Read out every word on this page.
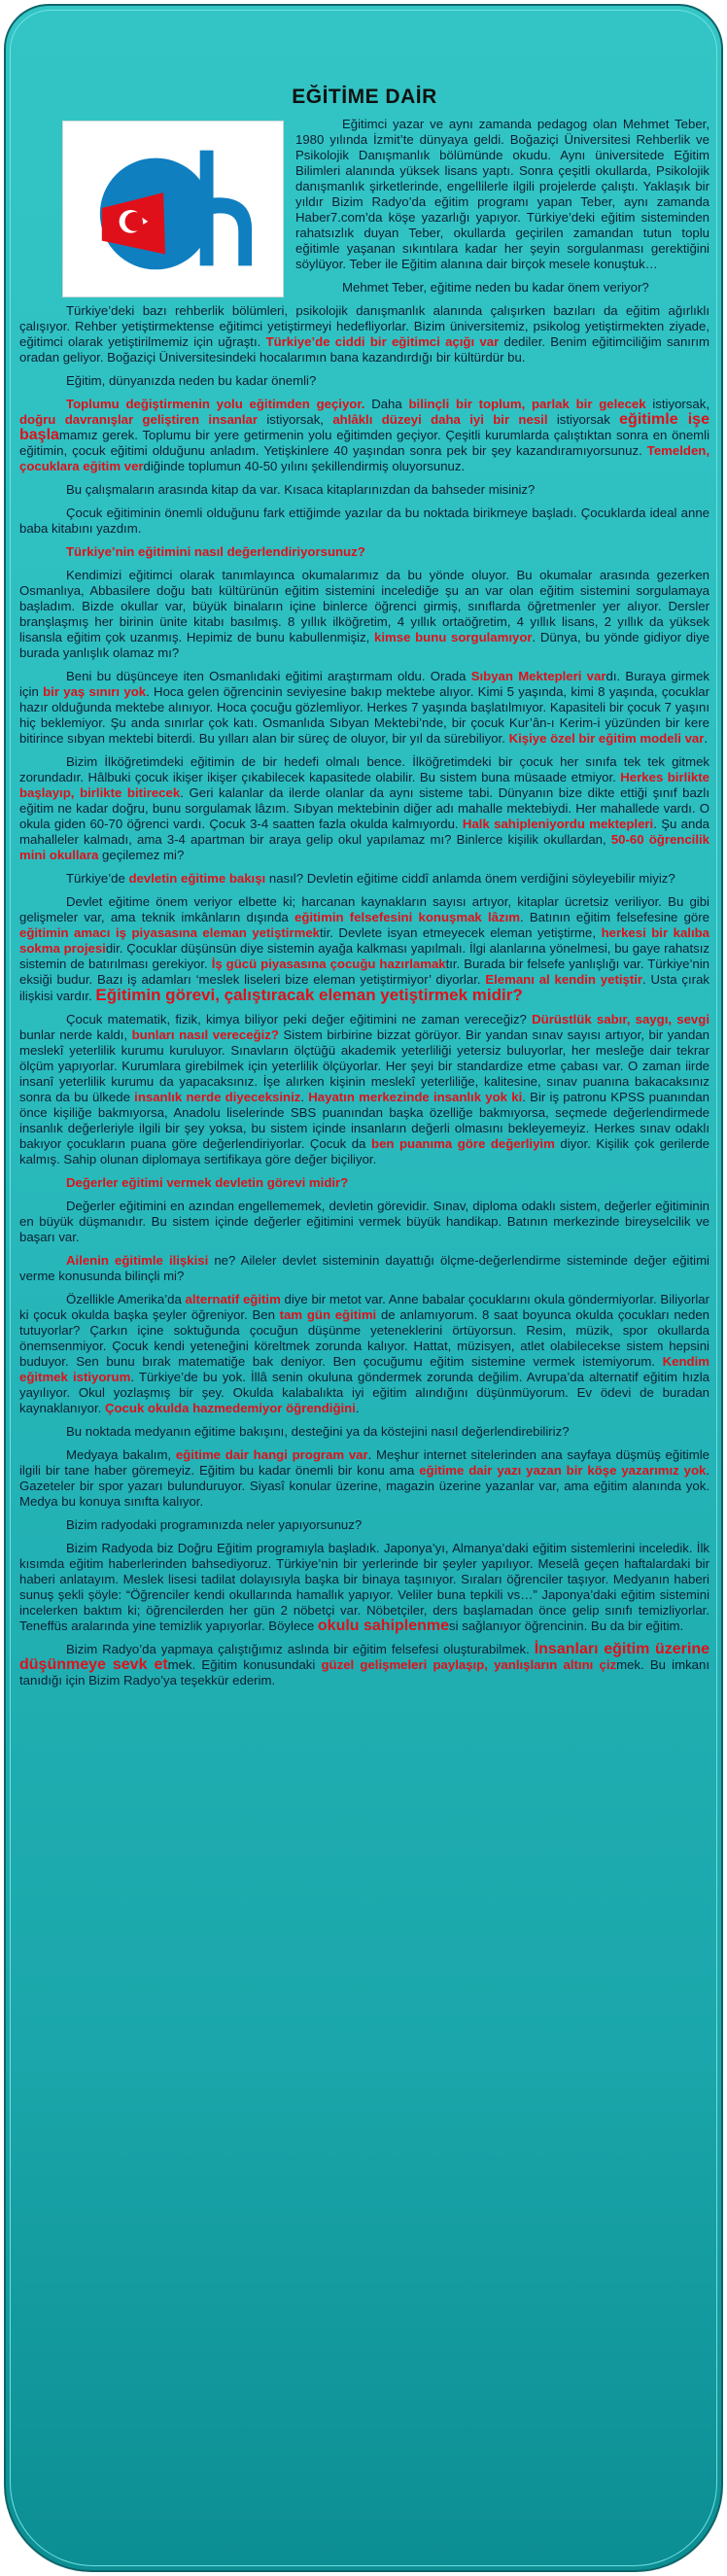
EĞİTİME DAİR

Eğitimci yazar ve aynı zamanda pedagog olan Mehmet Teber, 1980 yılında İzmit’te dünyaya geldi. Boğaziçi Üniversitesi Rehberlik ve Psikolojik Danışmanlık bölümünde okudu. Aynı üniversitede Eğitim Bilimleri alanında yüksek lisans yaptı. Sonra çeşitli okullarda, Psikolojik danışmanlık şirketlerinde, engellilerle ilgili projelerde çalıştı. Yaklaşık bir yıldır Bizim Radyo’da eğitim programı yapan Teber, aynı zamanda Haber7.com’da köşe yazarlığı yapıyor. Türkiye’deki eğitim sisteminden rahatsızlık duyan Teber, okullarda geçirilen zamandan tutun toplu eğitimle yaşanan sıkıntılara kadar her şeyin sorgulanması gerektiğini söylüyor. Teber ile Eğitim alanına dair birçok mesele konuştuk…

Mehmet Teber, eğitime neden bu kadar önem veriyor?

Türkiye’deki bazı rehberlik bölümleri, psikolojik danışmanlık alanında çalışırken bazıları da eğitim ağırlıklı çalışıyor. Rehber yetiştirmektense eğitimci yetiştirmeyi hedefliyorlar. Bizim üniversitemiz, psikolog yetiştirmekten ziyade, eğitimci olarak yetiştirilmemiz için uğraştı. Türkiye’de ciddi bir eğitimci açığı var dediler. Benim eğitimciliğim sanırım oradan geliyor. Boğaziçi Üniversitesindeki hocalarımın bana kazandırdığı bir kültürdür bu.

Eğitim, dünyanızda neden bu kadar önemli?

Toplumu değiştirmenin yolu eğitimden geçiyor. Daha bilinçli bir toplum, parlak bir gelecek istiyorsak, doğru davranışlar geliştiren insanlar istiyorsak, ahlâklı düzeyi daha iyi bir nesil istiyorsak eğitimle işe başlamamız gerek. Toplumu bir yere getirmenin yolu eğitimden geçiyor. Çeşitli kurumlarda çalıştıktan sonra en önemli eğitimin, çocuk eğitimi olduğunu anladım. Yetişkinlere 40 yaşından sonra pek bir şey kazandıramıyorsunuz. Temelden, çocuklara eğitim verdiğinde toplumun 40-50 yılını şekillendirmiş oluyorsunuz.

Bu çalışmaların arasında kitap da var. Kısaca kitaplarınızdan da bahseder misiniz?

Çocuk eğitiminin önemli olduğunu fark ettiğimde yazılar da bu noktada birikmeye başladı. Çocuklarda ideal anne baba kitabını yazdım.

Türkiye’nin eğitimini nasıl değerlendiriyorsunuz?

Kendimizi eğitimci olarak tanımlayınca okumalarımız da bu yönde oluyor. Bu okumalar arasında gezerken Osmanlıya, Abbasilere doğu batı kültürünün eğitim sistemini incelediğe şu an var olan eğitim sistemini sorgulamaya başladım. Bizde okullar var, büyük binaların içine binlerce öğrenci girmiş, sınıflarda öğretmenler yer alıyor. Dersler branşlaşmış her birinin ünite kitabı basılmış. 8 yıllık ilköğretim, 4 yıllık ortaöğretim, 4 yıllık lisans, 2 yıllık da yüksek lisansla eğitim çok uzanmış. Hepimiz de bunu kabullenmişiz, kimse bunu sorgulamıyor. Dünya, bu yönde gidiyor diye burada yanlışlık olamaz mı?

Beni bu düşünceye iten Osmanlıdaki eğitimi araştırmam oldu. Orada Sıbyan Mektepleri vardı. Buraya girmek için bir yaş sınırı yok. Hoca gelen öğrencinin seviyesine bakıp mektebe alıyor. Kimi 5 yaşında, kimi 8 yaşında, çocuklar hazır olduğunda mektebe alınıyor. Hoca çocuğu gözlemliyor. Herkes 7 yaşında başlatılmıyor. Kapasiteli bir çocuk 7 yaşını hiç beklemiyor. Şu anda sınırlar çok katı. Osmanlıda Sıbyan Mektebi’nde, bir çocuk Kur’ân-ı Kerim-i yüzünden bir kere bitirince sıbyan mektebi biterdi. Bu yılları alan bir süreç de oluyor, bir yıl da sürebiliyor. Kişiye özel bir eğitim modeli var.

Bizim İlköğretimdeki eğitimin de bir hedefi olmalı bence. İlköğretimdeki bir çocuk her sınıfa tek tek gitmek zorundadır. Hâlbuki çocuk ikişer ikişer çıkabilecek kapasitede olabilir. Bu sistem buna müsaade etmiyor. Herkes birlikte başlayıp, birlikte bitirecek. Geri kalanlar da ilerde olanlar da aynı sisteme tabi. Dünyanın bize dikte ettiği şınıf bazlı eğitim ne kadar doğru, bunu sorgulamak lâzım. Sıbyan mektebinin diğer adı mahalle mektebiydi. Her mahallede vardı. O okula giden 60-70 öğrenci vardı. Çocuk 3-4 saatten fazla okulda kalmıyordu. Halk sahipleniyordu mektepleri. Şu anda mahalleler kalmadı, ama 3-4 apartman bir araya gelip okul yapılamaz mı? Binlerce kişilik okullardan, 50-60 öğrencilik mini okullara geçilemez mi?

Türkiye’de devletin eğitime bakışı nasıl? Devletin eğitime ciddî anlamda önem verdiğini söyleyebilir miyiz?

Devlet eğitime önem veriyor elbette ki; harcanan kaynakların sayısı artıyor, kitaplar ücretsiz veriliyor. Bu gibi gelişmeler var, ama teknik imkânların dışında eğitimin felsefesini konuşmak lâzım. Batının eğitim felsefesine göre eğitimin amacı iş piyasasına eleman yetiştirmektir. Devlete isyan etmeyecek eleman yetiştirme, herkesi bir kalıba sokma projesidir. Çocuklar düşünsün diye sistemin ayağa kalkması yapılmalı. İlgi alanlarına yönelmesi, bu gaye rahatsız sistemin de batırılması gerekiyor. İş gücü piyasasına çocuğu hazırlamaktır. Burada bir felsefe yanlışlığı var. Türkiye’nin eksiği budur. Bazı iş adamları ‘meslek liseleri bize eleman yetiştirmiyor’ diyorlar. Elemanı al kendin yetiştir. Usta çırak ilişkisi vardır. Eğitimin görevi, çalıştıracak eleman yetiştirmek midir?

Çocuk matematik, fizik, kimya biliyor peki değer eğitimini ne zaman vereceğiz? Dürüstlük sabır, saygı, sevgi bunlar nerde kaldı, bunları nasıl vereceğiz? Sistem birbirine bizzat görüyor. Bir yandan sınav sayısı artıyor, bir yandan meslekî yeterlilik kurumu kuruluyor. Sınavların ölçtüğü akademik yeterliliği yetersiz buluyorlar, her mesleğe dair tekrar ölçüm yapıyorlar. Kurumlara girebilmek için yeterlilik ölçüyorlar. Her şeyi bir standardize etme çabası var. O zaman iirde insanî yeterlilik kurumu da yapacaksınız. İşe alırken kişinin meslekî yeterliliğe, kalitesine, sınav puanına bakacaksınız sonra da bu ülkede insanlık nerde diyeceksiniz. Hayatın merkezinde insanlık yok ki. Bir iş patronu KPSS puanından önce kişiliğe bakmıyorsa, Anadolu liselerinde SBS puanından başka özelliğe bakmıyorsa, seçmede değerlendirmede insanlık değerleriyle ilgili bir şey yoksa, bu sistem içinde insanların değerli olmasını bekleyemeyiz. Herkes sınav odaklı bakıyor çocukların puana göre değerlendiriyorlar. Çocuk da ben puanıma göre değerliyim diyor. Kişilik çok gerilerde kalmış. Sahip olunan diplomaya sertifikaya göre değer biçiliyor.

Değerler eğitimi vermek devletin görevi midir?

Değerler eğitimini en azından engellememek, devletin görevidir. Sınav, diploma odaklı sistem, değerler eğitiminin en büyük düşmanıdır. Bu sistem içinde değerler eğitimini vermek büyük handikap. Batının merkezinde bireyselcilik ve başarı var.

Ailenin eğitimle ilişkisi ne? Aileler devlet sisteminin dayattığı ölçme-değerlendirme sisteminde değer eğitimi verme konusunda bilinçli mi?

Özellikle Amerika’da alternatif eğitim diye bir metot var. Anne babalar çocuklarını okula göndermiyorlar. Biliyorlar ki çocuk okulda başka şeyler öğreniyor. Ben tam gün eğitimi de anlamıyorum. 8 saat boyunca okulda çocukları neden tutuyorlar? Çarkın içine soktuğunda çocuğun düşünme yeteneklerini örtüyorsun. Resim, müzik, spor okullarda önemsenmiyor. Çocuk kendi yeteneğini köreltmek zorunda kalıyor. Hattat, müzisyen, atlet olabilecekse sistem hepsini buduyor. Sen bunu bırak matematiğe bak deniyor. Ben çocuğumu eğitim sistemine vermek istemiyorum. Kendim eğitmek istiyorum. Türkiye’de bu yok. İllâ senin okuluna göndermek zorunda değilim. Avrupa’da alternatif eğitim hızla yayılıyor. Okul yozlaşmış bir şey. Okulda kalabalıkta iyi eğitim alındığını düşünmüyorum. Ev ödevi de buradan kaynaklanıyor. Çocuk okulda hazmedemiyor öğrendiğini.

Bu noktada medyanın eğitime bakışını, desteğini ya da köstejini nasıl değerlendirebiliriz?

Medyaya bakalım, eğitime dair hangi program var. Meşhur internet sitelerinden ana sayfaya düşmüş eğitimle ilgili bir tane haber göremeyiz. Eğitim bu kadar önemli bir konu ama eğitime dair yazı yazan bir köşe yazarımız yok. Gazeteler bir spor yazarı bulunduruyor. Siyasî konular üzerine, magazin üzerine yazanlar var, ama eğitim alanında yok. Medya bu konuya sınıfta kalıyor.

Bizim radyodaki programınızda neler yapıyorsunuz?

Bizim Radyoda biz Doğru Eğitim programıyla başladık. Japonya’yı, Almanya’daki eğitim sistemlerini inceledik. İlk kısımda eğitim haberlerinden bahsediyoruz. Türkiye’nin bir yerlerinde bir şeyler yapılıyor. Meselâ geçen haftalardaki bir haberi anlatayım. Meslek lisesi tadilat dolayısıyla başka bir binaya taşınıyor. Sıraları öğrenciler taşıyor. Medyanın haberi sunuş şekli şöyle: “Öğrenciler kendi okullarında hamallık yapıyor. Veliler buna tepkili vs…” Japonya’daki eğitim sistemini incelerken baktım ki; öğrencilerden her gün 2 nöbetçi var. Nöbetçiler, ders başlamadan önce gelip sınıfı temizliyorlar. Teneffüs aralarında yine temizlik yapıyorlar. Böylece okulu sahiplenmesi sağlanıyor öğrencinin. Bu da bir eğitim.

Bizim Radyo’da yapmaya çalıştığımız aslında bir eğitim felsefesi oluşturabilmek. İnsanları eğitim üzerine düşünmeye sevk etmek. Eğitim konusundaki güzel gelişmeleri paylaşıp, yanlışların altını çizmek. Bu imkanı tanıdığı için Bizim Radyo’ya teşekkür ederim.
